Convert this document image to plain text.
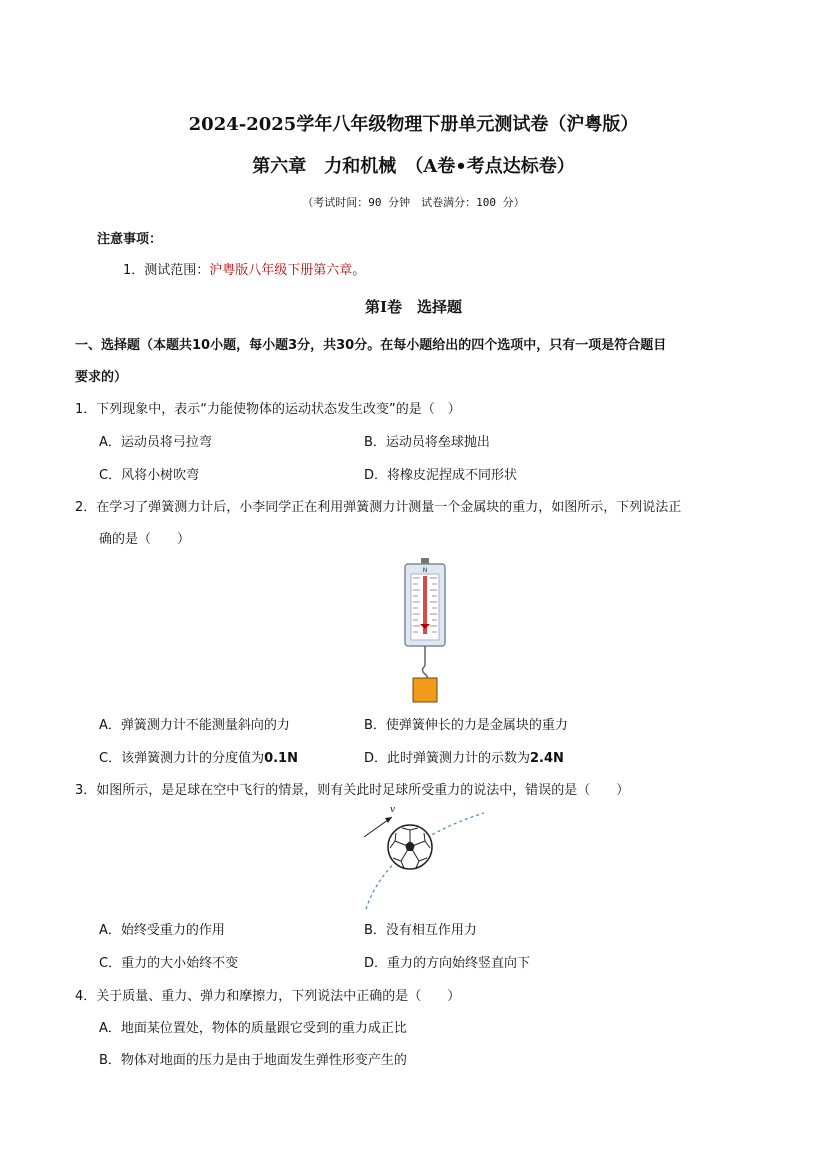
2024-2025学年八年级物理下册单元测试卷（沪粤版）
第六章　力和机械　（A卷•考点达标卷）
（考试时间：90 分钟　试卷满分：100 分）
注意事项：
1．测试范围：沪粤版八年级下册第六章。
第Ⅰ卷　选择题
一、选择题（本题共10小题，每小题3分，共30分。在每小题给出的四个选项中，只有一项是符合题目
要求的）
1．下列现象中，表示“力能使物体的运动状态发生改变”的是（　）
A．运动员将弓拉弯	B．运动员将垒球抛出
C．风将小树吹弯	D．将橡皮泥捏成不同形状
2．在学习了弹簧测力计后，小李同学正在利用弹簧测力计测量一个金属块的重力，如图所示，下列说法正
确的是（　　）
N
A．弹簧测力计不能测量斜向的力	B．使弹簧伸长的力是金属块的重力
C．该弹簧测力计的分度值为0.1N	D．此时弹簧测力计的示数为2.4N
3．如图所示，是足球在空中飞行的情景，则有关此时足球所受重力的说法中，错误的是（　　）
v
A．始终受重力的作用	B．没有相互作用力
C．重力的大小始终不变	D．重力的方向始终竖直向下
4．关于质量、重力、弹力和摩擦力，下列说法中正确的是（　　）
A．地面某位置处，物体的质量跟它受到的重力成正比
B．物体对地面的压力是由于地面发生弹性形变产生的
